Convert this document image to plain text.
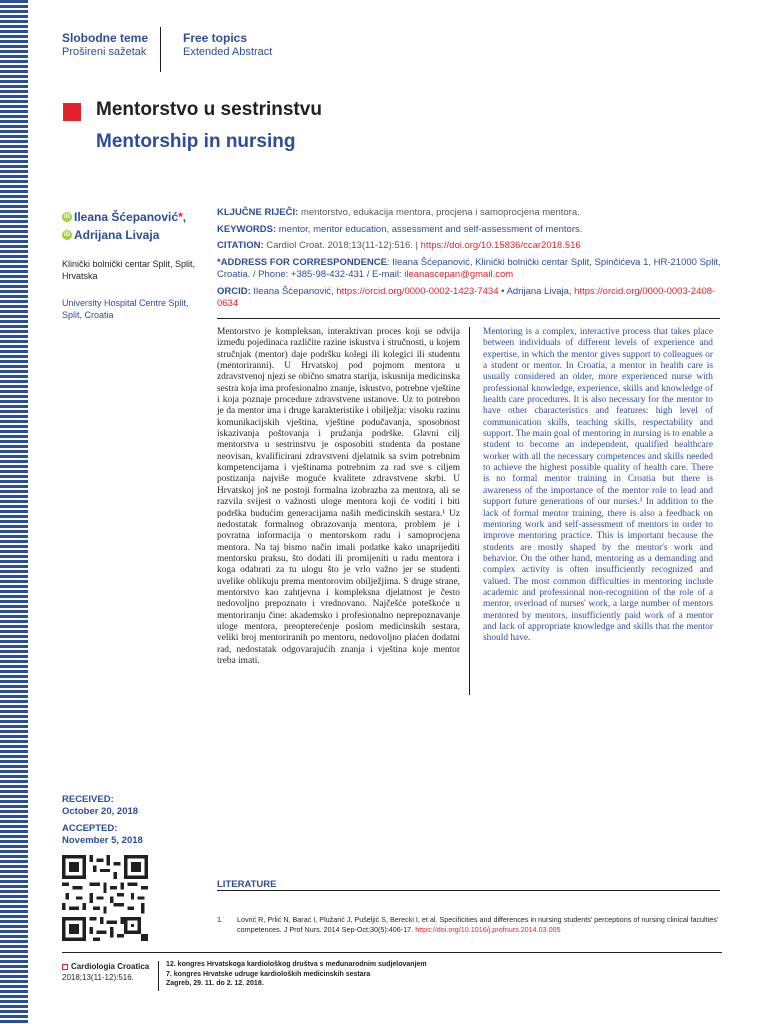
Slobodne teme
Prošireni sažetak
Free topics
Extended Abstract
Mentorstvo u sestrinstvu
Mentorship in nursing
iD Ileana Šćepanović * ,
iD Adrijana Livaja
Klinički bolnički centar Split, Split, Hrvatska
University Hospital Centre Split, Split, Croatia
KLJUČNE RIJEČI: mentorstvo, edukacija mentora, procjena i samoprocjena mentora.
KEYWORDS: mentor, mentor education, assessment and self-assessment of mentors.
CITATION: Cardiol Croat. 2018;13(11-12):516. | https://doi.org/10.15836/ccar2018.516
*ADDRESS FOR CORRESPONDENCE: Ileana Šćepanović, Klinički bolnički centar Split, Spinčićeva 1, HR-21000 Split, Croatia. / Phone: +385-98-432-431 / E-mail: ileanascepan@gmail.com
ORCID: Ileana Šćepanović, https://orcid.org/0000-0002-1423-7434 • Adrijana Livaja, https://orcid.org/0000-0003-2408-0634
Mentorstvo je kompleksan, interaktivan proces koji se odvija između pojedinaca različite razine iskustva i stručnosti, u kojem stručnjak (mentor) daje podršku kolegi ili kolegici ili studentu (mentoriranni). U Hrvatskoj pod pojmom mentora u zdravstvenoj njezi se obično smatra starija, iskusnija medicinska sestra koja ima profesionalno znanje, iskustvo, potrebne vještine i koja poznaje procedure zdravstvene ustanove. Uz to potrebno je da mentor ima i druge karakteristike i obilježja: visoku razinu komunikacijskih vještina, vještine podučavanja, sposobnost iskazivanja poštovanja i pružanja podrške. Glavni cilj mentorstva u sestrinstvu je osposobiti studenta da postane neovisan, kvalificirani zdravstveni djelatnik sa svim potrebnim kompetencijama i vještinama potrebnim za rad sve s ciljem postizanja najviše moguće kvalitete zdravstvene skrbi. U Hrvatskoj još ne postoji formalna izobrazba za mentora, ali se razvila svijest o važnosti uloge mentora koji će voditi i biti podrška budućim generacijama naših medicinskih sestara.¹ Uz nedostatak formalnog obrazovanja mentora, problem je i povratna informacija o mentorskom radu i samoprocjena mentora. Na taj bismo način imali podatke kako unaprijediti mentorsku praksu, što dodati ili promijeniti u radu mentora i koga odabrati za tu ulogu što je vrlo važno jer se studenti uvelike oblikuju prema mentorovim obilježjima. S druge strane, mentorstvo kao zahtjevna i kompleksna djelatnost je često nedovoljno prepoznato i vrednovano. Najčešće poteškoće u mentoriranju čine: akademsko i profesionalno neprepoznavanje uloge mentora, preopterećenje poslom medicinskih sestara, veliki broj mentoriranih po mentoru, nedovoljno plaćen dodatni rad, nedostatak odgovarajućih znanja i vještina koje mentor treba imati.
Mentoring is a complex, interactive process that takes place between individuals of different levels of experience and expertise, in which the mentor gives support to colleagues or a student or mentor. In Croatia, a mentor in health care is usually considered an older, more experienced nurse with professional knowledge, experience, skills and knowledge of health care procedures. It is also necessary for the mentor to have other characteristics and features: high level of communication skills, teaching skills, respectability and support. The main goal of mentoring in nursing is to enable a student to become an independent, qualified healthcare worker with all the necessary competences and skills needed to achieve the highest possible quality of health care. There is no formal mentor training in Croatia but there is awareness of the importance of the mentor role to lead and support future generations of our nurses.¹ In addition to the lack of formal mentor training, there is also a feedback on mentoring work and self-assessment of mentors in order to improve mentoring practice. This is important because the students are mostly shaped by the mentor's work and behavior. On the other hand, mentoring as a demanding and complex activity is often insufficiently recognized and valued. The most common difficulties in mentoring include academic and professional non-recognition of the role of a mentor, overload of nurses' work, a large number of mentors mentored by mentors, insufficiently paid work of a mentor and lack of appropriate knowledge and skills that the mentor should have.
RECEIVED:
October 20, 2018
ACCEPTED:
November 5, 2018
LITERATURE
1.	Lovrić R, Prlić N, Barać I, Plužarić J, Pušeljić S, Berecki I, et al. Specificities and differences in nursing students' perceptions of nursing clinical faculties' competences. J Prof Nurs. 2014 Sep-Oct;30(5):406-17. https://doi.org/10.1016/j.profnurs.2014.03.005
Cardiologia Croatica
2018;13(11-12):516.
12. kongres Hrvatskoga kardiološkog društva s međunarodnim sudjelovanjem
7. kongres Hrvatske udruge kardioloških medicinskih sestara
Zagreb, 29. 11. do 2. 12. 2018.
